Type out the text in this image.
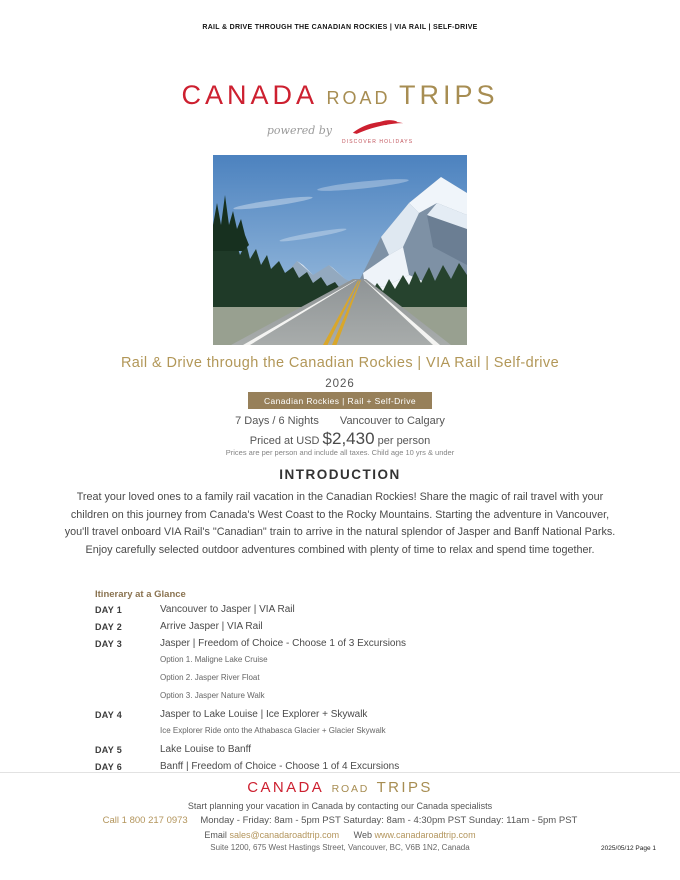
RAIL & DRIVE THROUGH THE CANADIAN ROCKIES | VIA RAIL | SELF-DRIVE
CANADA ROAD TRIPS
powered by
DISCOVER HOLIDAYS
Rail & Drive through the Canadian Rockies | VIA Rail | Self-drive
2026
Canadian Rockies | Rail + Self-Drive
7 Days / 6 Nights Vancouver to Calgary
Priced at USD $2,430 per person
Prices are per person and include all taxes. Child age 10 yrs & under
INTRODUCTION
Treat your loved ones to a family rail vacation in the Canadian Rockies! Share the magic of rail travel with your children on this journey from Canada's West Coast to the Rocky Mountains. Starting the adventure in Vancouver, you'll travel onboard VIA Rail's "Canadian" train to arrive in the natural splendor of Jasper and Banff National Parks. Enjoy carefully selected outdoor adventures combined with plenty of time to relax and spend time together.
Itinerary at a Glance
DAY 1	Vancouver to Jasper | VIA Rail
DAY 2	Arrive Jasper | VIA Rail
DAY 3	Jasper | Freedom of Choice - Choose 1 of 3 Excursions
Option 1. Maligne Lake Cruise
Option 2. Jasper River Float
Option 3. Jasper Nature Walk
DAY 4	Jasper to Lake Louise | Ice Explorer + Skywalk
Ice Explorer Ride onto the Athabasca Glacier + Glacier Skywalk
DAY 5	Lake Louise to Banff
DAY 6	Banff | Freedom of Choice - Choose 1 of 4 Excursions
CANADA ROAD TRIPS
Start planning your vacation in Canada by contacting our Canada specialists
Call 1 800 217 0973 Monday - Friday: 8am - 5pm PST Saturday: 8am - 4:30pm PST Sunday: 11am - 5pm PST
Email sales@canadaroadtrip.com Web www.canadaroadtrip.com
Suite 1200, 675 West Hastings Street, Vancouver, BC, V6B 1N2, Canada	2025/05/12 Page 1
